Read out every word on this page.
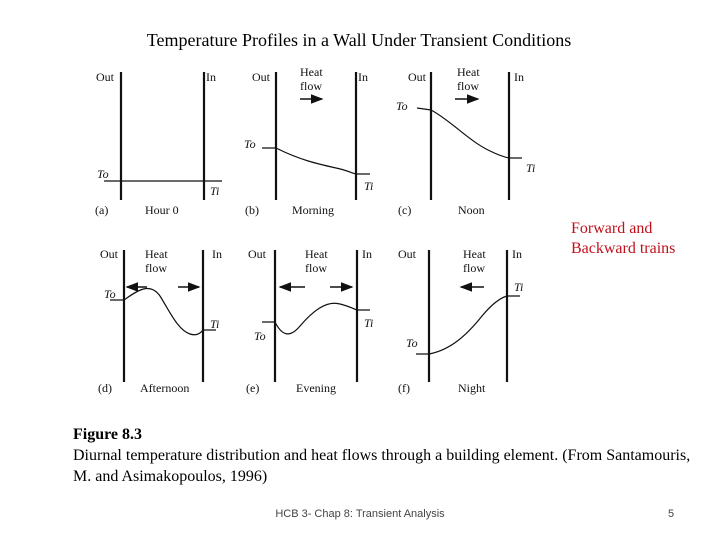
Temperature Profiles in a Wall Under Transient Conditions
Out	In
To
Ti
(a)	Hour 0
Out	In
Heat
flow
To
Ti
(b)	Morning
Out	In
Heat
flow
To
Ti
(c)	Noon
Out	In
Heat
flow
To
Ti
(d) Afternoon
Out	In
Heat
flow
To
Ti
(e)	Evening
Out	In
Heat
flow
To
Ti
(f)	Night
Forward and
Backward trains
Figure 8.3
Diurnal temperature distribution and heat flows through a building element. (From Santamouris, M. and Asimakopoulos, 1996)
HCB 3- Chap 8: Transient Analysis	5
